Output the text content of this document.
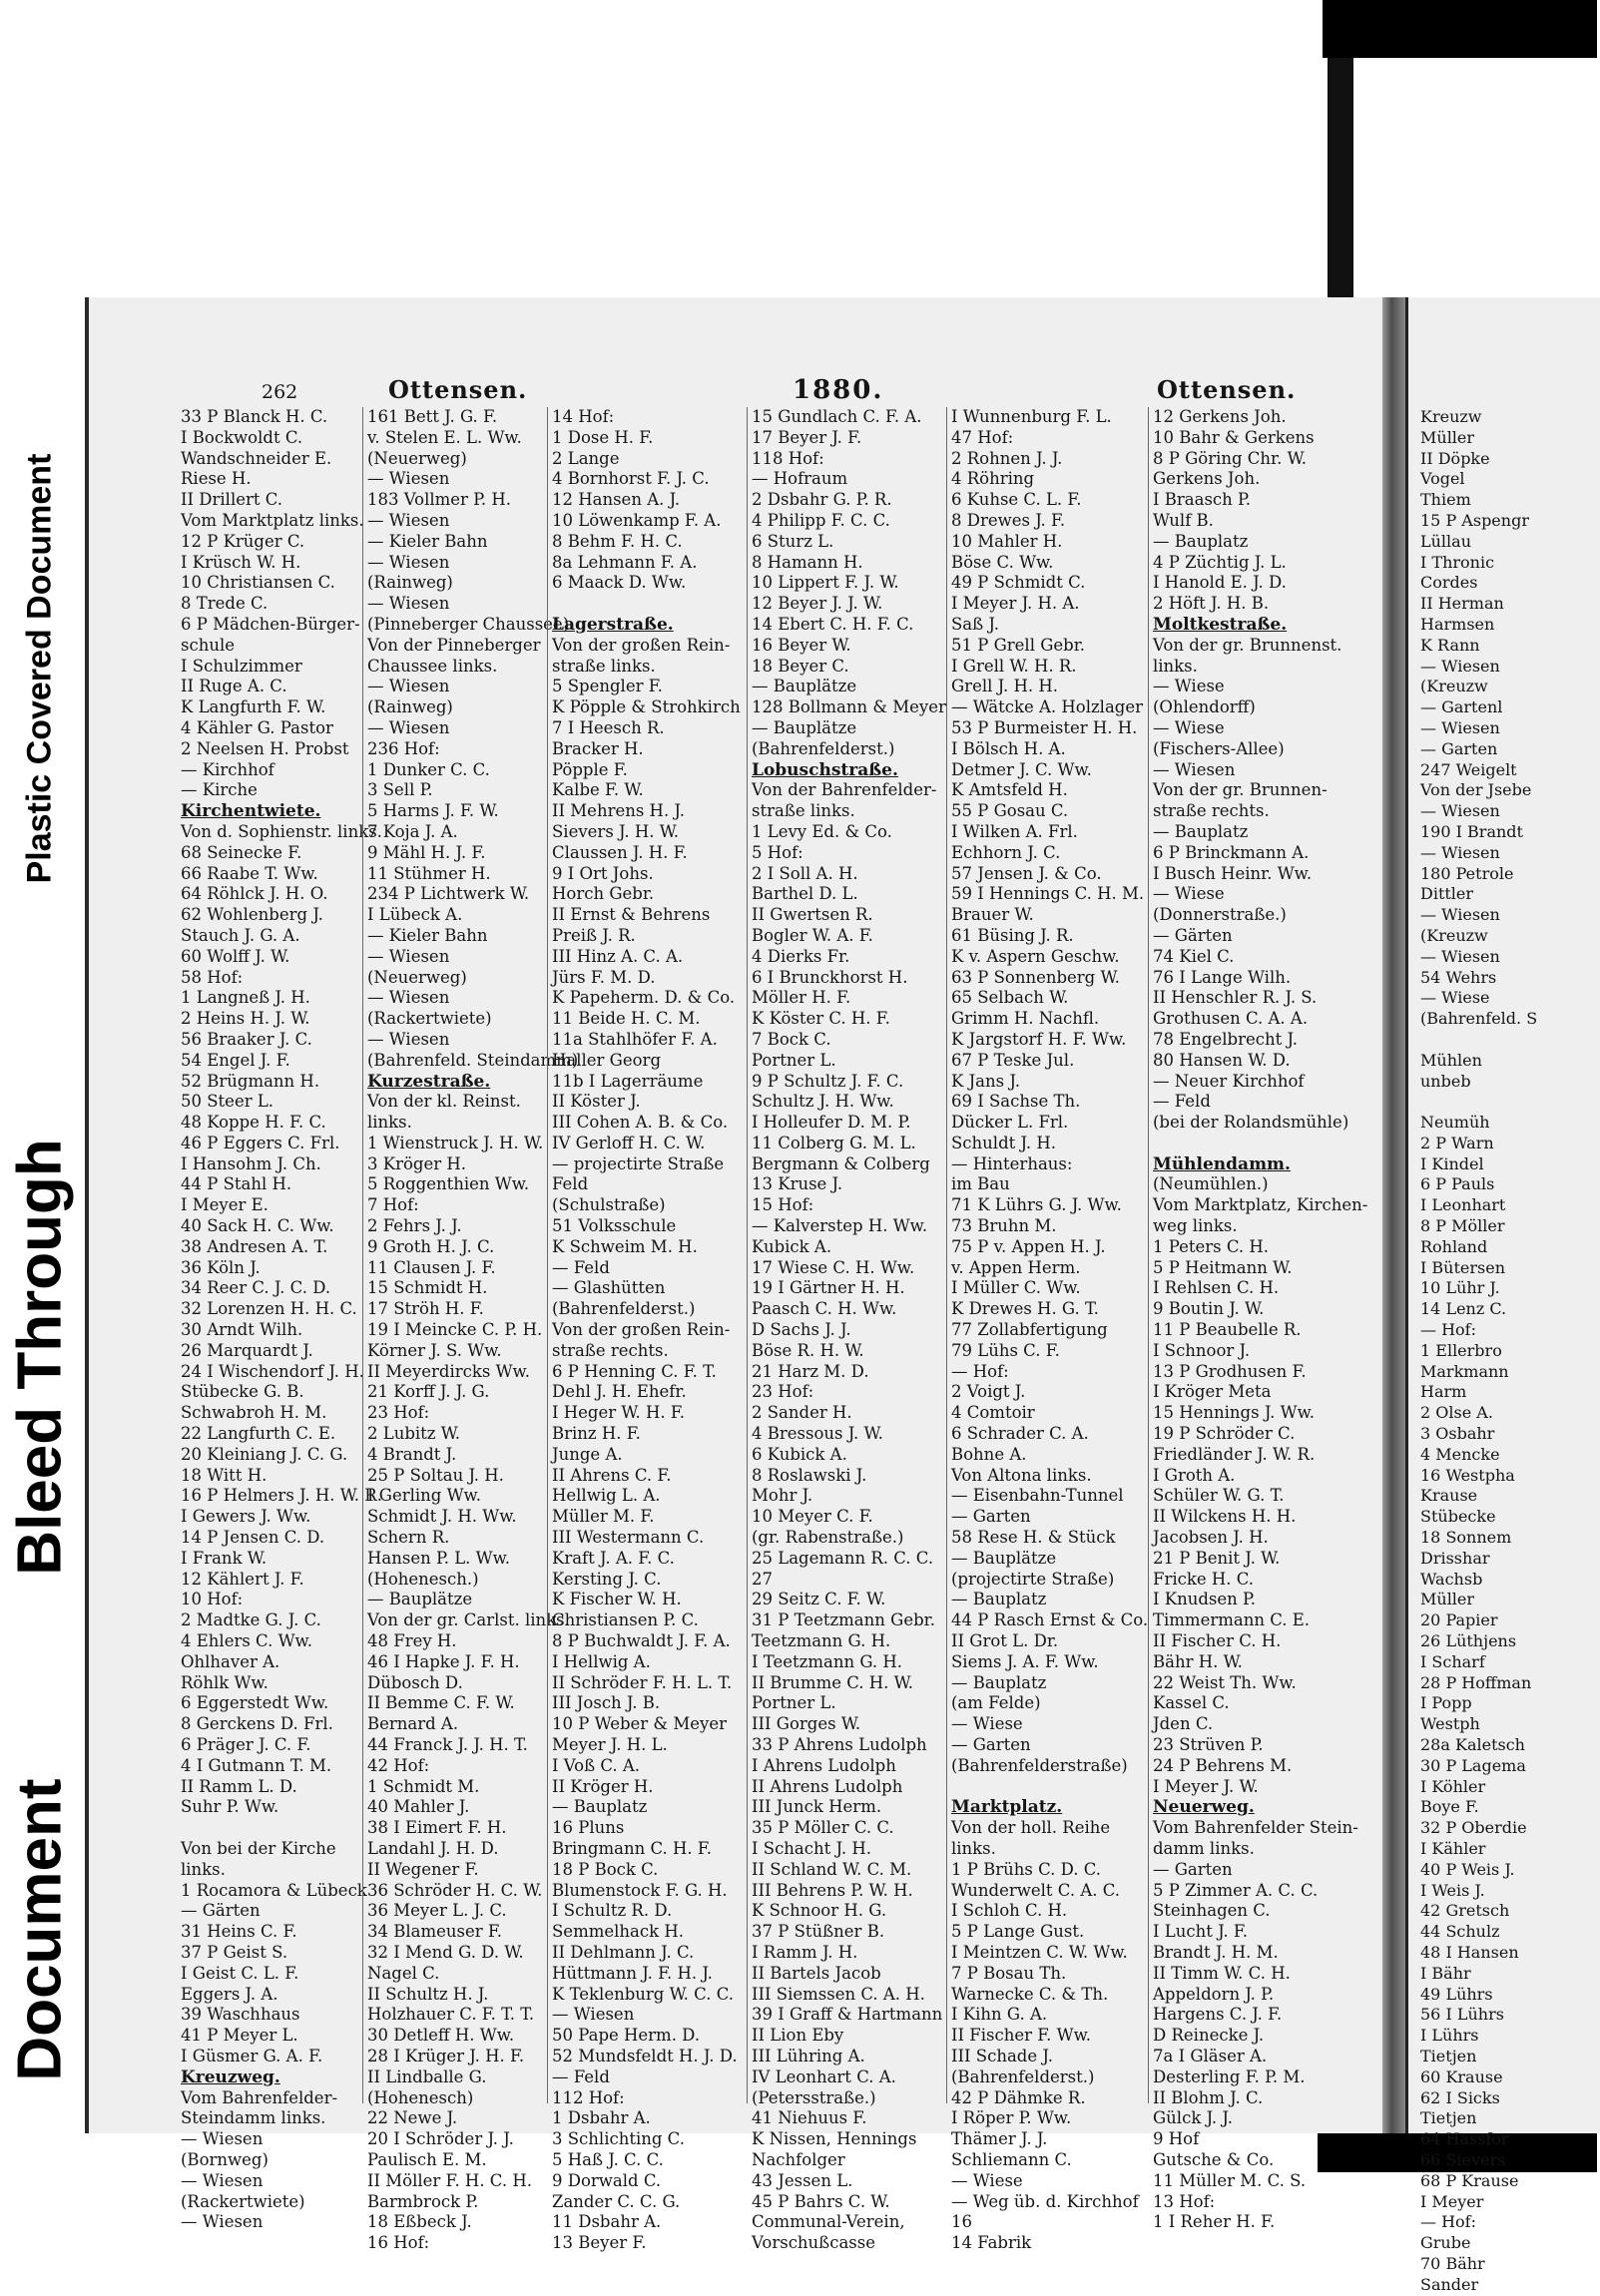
Plastic Covered Document
Bleed Through
Document
262	Ottensen.	1880.	Ottensen.
33 P Blanck H. C.
I Bockwoldt C.
Wandschneider E.
Riese H.
II Drillert C.
Vom Marktplatz links.
12 P Krüger C.
I Krüsch W. H.
10 Christiansen C.
8 Trede C.
6 P Mädchen-Bürger-
schule
I Schulzimmer
II Ruge A. C.
K Langfurth F. W.
4 Kähler G. Pastor
2 Neelsen H. Probst
— Kirchhof
— Kirche
Kirchentwiete.
Von d. Sophienstr. links.
68 Seinecke F.
66 Raabe T. Ww.
64 Röhlck J. H. O.
62 Wohlenberg J.
Stauch J. G. A.
60 Wolff J. W.
58 Hof:
1 Langneß J. H.
2 Heins H. J. W.
56 Braaker J. C.
54 Engel J. F.
52 Brügmann H.
50 Steer L.
48 Koppe H. F. C.
46 P Eggers C. Frl.
I Hansohm J. Ch.
44 P Stahl H.
I Meyer E.
40 Sack H. C. Ww.
38 Andresen A. T.
36 Köln J.
34 Reer C. J. C. D.
32 Lorenzen H. H. C.
30 Arndt Wilh.
26 Marquardt J.
24 I Wischendorf J. H.
Stübecke G. B.
Schwabroh H. M.
22 Langfurth C. E.
20 Kleiniang J. C. G.
18 Witt H.
16 P Helmers J. H. W. R.
I Gewers J. Ww.
14 P Jensen C. D.
I Frank W.
12 Kählert J. F.
10 Hof:
2 Madtke G. J. C.
4 Ehlers C. Ww.
Ohlhaver A.
Röhlk Ww.
6 Eggerstedt Ww.
8 Gerckens D. Frl.
6 Präger J. C. F.
4 I Gutmann T. M.
II Ramm L. D.
Suhr P. Ww.
Von bei der Kirche
links.
1 Rocamora & Lübeck
— Gärten
31 Heins C. F.
37 P Geist S.
I Geist C. L. F.
Eggers J. A.
39 Waschhaus
41 P Meyer L.
I Güsmer G. A. F.
Kreuzweg.
Vom Bahrenfelder-
Steindamm links.
— Wiesen
(Bornweg)
— Wiesen
(Rackertwiete)
— Wiesen
161 Bett J. G. F.
v. Stelen E. L. Ww.
(Neuerweg)
— Wiesen
183 Vollmer P. H.
— Wiesen
— Kieler Bahn
— Wiesen
(Rainweg)
— Wiesen
(Pinneberger Chaussee)
Von der Pinneberger
Chaussee links.
— Wiesen
(Rainweg)
— Wiesen
236 Hof:
1 Dunker C. C.
3 Sell P.
5 Harms J. F. W.
7 Koja J. A.
9 Mähl H. J. F.
11 Stühmer H.
234 P Lichtwerk W.
I Lübeck A.
— Kieler Bahn
— Wiesen
(Neuerweg)
— Wiesen
(Rackertwiete)
— Wiesen
(Bahrenfeld. Steindamm)
Kurzestraße.
Von der kl. Reinst.
links.
1 Wienstruck J. H. W.
3 Kröger H.
5 Roggenthien Ww.
7 Hof:
2 Fehrs J. J.
9 Groth H. J. C.
11 Clausen J. F.
15 Schmidt H.
17 Ströh H. F.
19 I Meincke C. P. H.
Körner J. S. Ww.
II Meyerdircks Ww.
21 Korff J. J. G.
23 Hof:
2 Lubitz W.
4 Brandt J.
25 P Soltau J. H.
I Gerling Ww.
Schmidt J. H. Ww.
Schern R.
Hansen P. L. Ww.
(Hohenesch.)
— Bauplätze
Von der gr. Carlst. links.
48 Frey H.
46 I Hapke J. F. H.
Dübosch D.
II Bemme C. F. W.
Bernard A.
44 Franck J. J. H. T.
42 Hof:
1 Schmidt M.
40 Mahler J.
38 I Eimert F. H.
Landahl J. H. D.
II Wegener F.
36 Schröder H. C. W.
36 Meyer L. J. C.
34 Blameuser F.
32 I Mend G. D. W.
Nagel C.
II Schultz H. J.
Holzhauer C. F. T. T.
30 Detleff H. Ww.
28 I Krüger J. H. F.
II Lindballe G.
(Hohenesch)
22 Newe J.
20 I Schröder J. J.
Paulisch E. M.
II Möller F. H. C. H.
Barmbrock P.
18 Eßbeck J.
16 Hof:
14 Hof:
1 Dose H. F.
2 Lange
4 Bornhorst F. J. C.
12 Hansen A. J.
10 Löwenkamp F. A.
8 Behm F. H. C.
8a Lehmann F. A.
6 Maack D. Ww.
Lagerstraße.
Von der großen Rein-
straße links.
5 Spengler F.
K Pöpple & Strohkirch
7 I Heesch R.
Bracker H.
Pöpple F.
Kalbe F. W.
II Mehrens H. J.
Sievers J. H. W.
Claussen J. H. F.
9 I Ort Johs.
Horch Gebr.
II Ernst & Behrens
Preiß J. R.
III Hinz A. C. A.
Jürs F. M. D.
K Papeherm. D. & Co.
11 Beide H. C. M.
11a Stahlhöfer F. A.
Haller Georg
11b I Lagerräume
II Köster J.
III Cohen A. B. & Co.
IV Gerloff H. C. W.
— projectirte Straße
Feld
(Schulstraße)
51 Volksschule
K Schweim M. H.
— Feld
— Glashütten
(Bahrenfelderst.)
Von der großen Rein-
straße rechts.
6 P Henning C. F. T.
Dehl J. H. Ehefr.
I Heger W. H. F.
Brinz H. F.
Junge A.
II Ahrens C. F.
Hellwig L. A.
Müller M. F.
III Westermann C.
Kraft J. A. F. C.
Kersting J. C.
K Fischer W. H.
Christiansen P. C.
8 P Buchwaldt J. F. A.
I Hellwig A.
II Schröder F. H. L. T.
III Josch J. B.
10 P Weber & Meyer
Meyer J. H. L.
I Voß C. A.
II Kröger H.
— Bauplatz
16 Pluns
Bringmann C. H. F.
18 P Bock C.
Blumenstock F. G. H.
I Schultz R. D.
Semmelhack H.
II Dehlmann J. C.
Hüttmann J. F. H. J.
K Teklenburg W. C. C.
— Wiesen
50 Pape Herm. D.
52 Mundsfeldt H. J. D.
— Feld
112 Hof:
1 Dsbahr A.
3 Schlichting C.
5 Haß J. C. C.
9 Dorwald C.
Zander C. C. G.
11 Dsbahr A.
13 Beyer F.
15 Gundlach C. F. A.
17 Beyer J. F.
118 Hof:
— Hofraum
2 Dsbahr G. P. R.
4 Philipp F. C. C.
6 Sturz L.
8 Hamann H.
10 Lippert F. J. W.
12 Beyer J. J. W.
14 Ebert C. H. F. C.
16 Beyer W.
18 Beyer C.
— Bauplätze
128 Bollmann & Meyer
— Bauplätze
(Bahrenfelderst.)
Lobuschstraße.
Von der Bahrenfelder-
straße links.
1 Levy Ed. & Co.
5 Hof:
2 I Soll A. H.
Barthel D. L.
II Gwertsen R.
Bogler W. A. F.
4 Dierks Fr.
6 I Brunckhorst H.
Möller H. F.
K Köster C. H. F.
7 Bock C.
Portner L.
9 P Schultz J. F. C.
Schultz J. H. Ww.
I Holleufer D. M. P.
11 Colberg G. M. L.
Bergmann & Colberg
13 Kruse J.
15 Hof:
— Kalverstep H. Ww.
Kubick A.
17 Wiese C. H. Ww.
19 I Gärtner H. H.
Paasch C. H. Ww.
D Sachs J. J.
Böse R. H. W.
21 Harz M. D.
23 Hof:
2 Sander H.
4 Bressous J. W.
6 Kubick A.
8 Roslawski J.
Mohr J.
10 Meyer C. F.
(gr. Rabenstraße.)
25 Lagemann R. C. C.
27
29 Seitz C. F. W.
31 P Teetzmann Gebr.
Teetzmann G. H.
I Teetzmann G. H.
II Brumme C. H. W.
Portner L.
III Gorges W.
33 P Ahrens Ludolph
I Ahrens Ludolph
II Ahrens Ludolph
III Junck Herm.
35 P Möller C. C.
I Schacht J. H.
II Schland W. C. M.
III Behrens P. W. H.
K Schnoor H. G.
37 P Stüßner B.
I Ramm J. H.
II Bartels Jacob
III Siemssen C. A. H.
39 I Graff & Hartmann
II Lion Eby
III Lühring A.
IV Leonhart C. A.
(Petersstraße.)
41 Niehuus F.
K Nissen, Hennings
Nachfolger
43 Jessen L.
45 P Bahrs C. W.
Communal-Verein,
Vorschußcasse
I Wunnenburg F. L.
47 Hof:
2 Rohnen J. J.
4 Röhring
6 Kuhse C. L. F.
8 Drewes J. F.
10 Mahler H.
Böse C. Ww.
49 P Schmidt C.
I Meyer J. H. A.
Saß J.
51 P Grell Gebr.
I Grell W. H. R.
Grell J. H. H.
— Wätcke A. Holzlager
53 P Burmeister H. H.
I Bölsch H. A.
Detmer J. C. Ww.
K Amtsfeld H.
55 P Gosau C.
I Wilken A. Frl.
Echhorn J. C.
57 Jensen J. & Co.
59 I Hennings C. H. M.
Brauer W.
61 Büsing J. R.
K v. Aspern Geschw.
63 P Sonnenberg W.
65 Selbach W.
Grimm H. Nachfl.
K Jargstorf H. F. Ww.
67 P Teske Jul.
K Jans J.
69 I Sachse Th.
Dücker L. Frl.
Schuldt J. H.
— Hinterhaus:
im Bau
71 K Lührs G. J. Ww.
73 Bruhn M.
75 P v. Appen H. J.
v. Appen Herm.
I Müller C. Ww.
K Drewes H. G. T.
77 Zollabfertigung
79 Lühs C. F.
— Hof:
2 Voigt J.
4 Comtoir
6 Schrader C. A.
Bohne A.
Von Altona links.
— Eisenbahn-Tunnel
— Garten
58 Rese H. & Stück
— Bauplätze
(projectirte Straße)
— Bauplatz
44 P Rasch Ernst & Co.
II Grot L. Dr.
Siems J. A. F. Ww.
— Bauplatz
(am Felde)
— Wiese
— Garten
(Bahrenfelderstraße)
Marktplatz.
Von der holl. Reihe
links.
1 P Brühs C. D. C.
Wunderwelt C. A. C.
I Schloh C. H.
5 P Lange Gust.
I Meintzen C. W. Ww.
7 P Bosau Th.
Warnecke C. & Th.
I Kihn G. A.
II Fischer F. Ww.
III Schade J.
(Bahrenfelderst.)
42 P Dähmke R.
I Röper P. Ww.
Thämer J. J.
Schliemann C.
— Wiese
— Weg üb. d. Kirchhof
16
14 Fabrik
12 Gerkens Joh.
10 Bahr & Gerkens
8 P Göring Chr. W.
Gerkens Joh.
I Braasch P.
Wulf B.
— Bauplatz
4 P Züchtig J. L.
I Hanold E. J. D.
2 Höft J. H. B.
Moltkestraße.
Von der gr. Brunnenst.
links.
— Wiese
(Ohlendorff)
— Wiese
(Fischers-Allee)
— Wiesen
Von der gr. Brunnen-
straße rechts.
— Bauplatz
6 P Brinckmann A.
I Busch Heinr. Ww.
— Wiese
(Donnerstraße.)
— Gärten
74 Kiel C.
76 I Lange Wilh.
II Henschler R. J. S.
Grothusen C. A. A.
78 Engelbrecht J.
80 Hansen W. D.
— Neuer Kirchhof
— Feld
(bei der Rolandsmühle)
Mühlendamm.
(Neumühlen.)
Vom Marktplatz, Kirchen-
weg links.
1 Peters C. H.
5 P Heitmann W.
I Rehlsen C. H.
9 Boutin J. W.
11 P Beaubelle R.
I Schnoor J.
13 P Grodhusen F.
I Kröger Meta
15 Hennings J. Ww.
19 P Schröder C.
Friedländer J. W. R.
I Groth A.
Schüler W. G. T.
II Wilckens H. H.
Jacobsen J. H.
21 P Benit J. W.
Fricke H. C.
I Knudsen P.
Timmermann C. E.
II Fischer C. H.
Bähr H. W.
22 Weist Th. Ww.
Kassel C.
Jden C.
23 Strüven P.
24 P Behrens M.
I Meyer J. W.
Neuerweg.
Vom Bahrenfelder Stein-
damm links.
— Garten
5 P Zimmer A. C. C.
Steinhagen C.
I Lucht J. F.
Brandt J. H. M.
II Timm W. C. H.
Appeldorn J. P.
Hargens C. J. F.
D Reinecke J.
7a I Gläser A.
Desterling F. P. M.
II Blohm J. C.
Gülck J. J.
9 Hof
Gutsche & Co.
11 Müller M. C. S.
13 Hof:
1 I Reher H. F.
Kreuzw
Müller
II Döpke
Vogel
Thiem
15 P Aspengr
Lüllau
I Thronic
Cordes
II Herman
Harmsen
K Rann
— Wiesen
(Kreuzw
— Gartenl
— Wiesen
— Garten
247 Weigelt
Von der Jsebe
— Wiesen
190 I Brandt
— Wiesen
180 Petrole
Dittler
— Wiesen
(Kreuzw
— Wiesen
54 Wehrs
— Wiese
(Bahrenfeld. S
Mühlen
unbeb
Neumüh
2 P Warn
I Kindel
6 P Pauls
I Leonhart
8 P Möller
Rohland
I Bütersen
10 Lühr J.
14 Lenz C.
— Hof:
1 Ellerbro
Markmann
Harm
2 Olse A.
3 Osbahr
4 Mencke
16 Westpha
Krause
Stübecke
18 Sonnem
Drisshar
Wachsb
Müller
20 Papier
26 Lüthjens
I Scharf
28 P Hoffman
I Popp
Westph
28a Kaletsch
30 P Lagema
I Köhler
Boye F.
32 P Oberdie
I Kähler
40 P Weis J.
I Weis J.
42 Gretsch
44 Schulz
48 I Hansen
I Bähr
49 Lührs
56 I Lührs
I Lührs
Tietjen
60 Krause
62 I Sicks
Tietjen
64 Hassfor
66 Sievers
68 P Krause
I Meyer
— Hof:
Grube
70 Bähr
Sander
